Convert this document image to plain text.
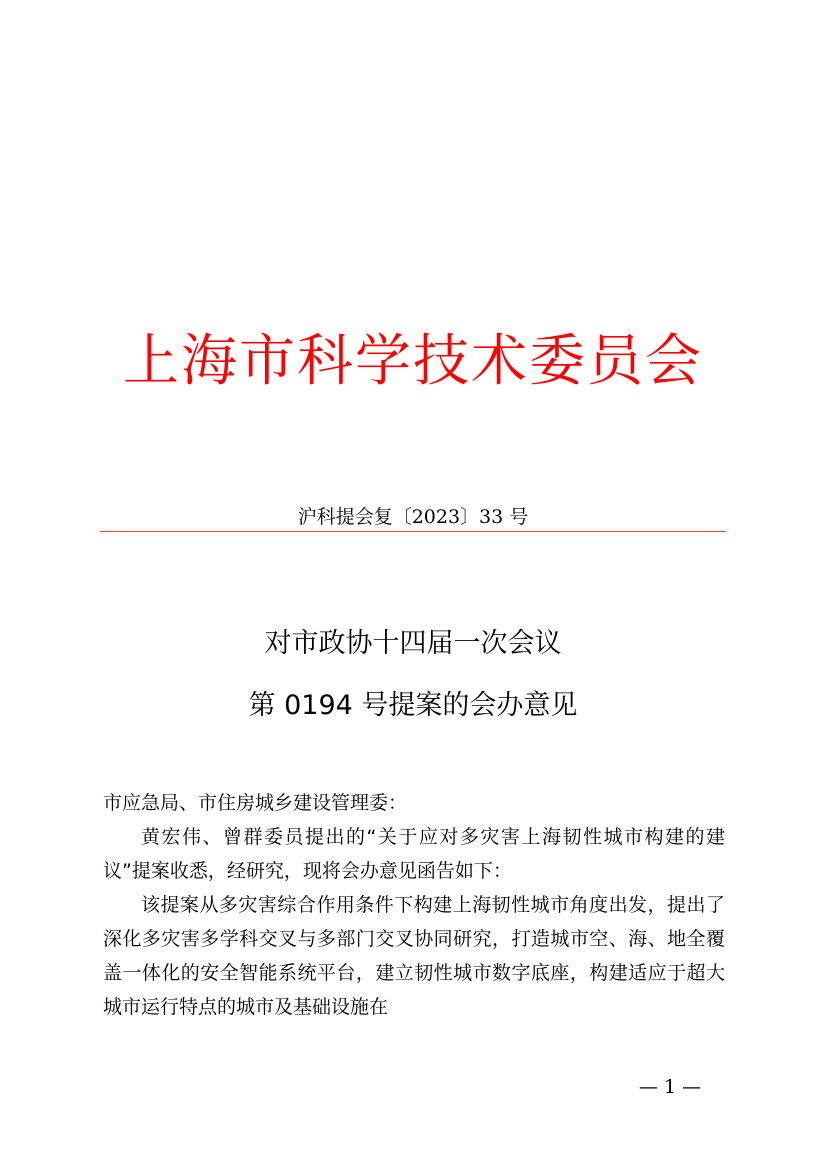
上海市科学技术委员会
沪科提会复〔2023〕33 号
对市政协十四届一次会议
第 0194 号提案的会办意见

市应急局、市住房城乡建设管理委：

黄宏伟、曾群委员提出的“关于应对多灾害上海韧性城市构建的建议”提案收悉，经研究，现将会办意见函告如下：

该提案从多灾害综合作用条件下构建上海韧性城市角度出发，提出了深化多灾害多学科交叉与多部门交叉协同研究，打造城市空、海、地全覆盖一体化的安全智能系统平台，建立韧性城市数字底座，构建适应于超大城市运行特点的城市及基础设施在

— 1 —
